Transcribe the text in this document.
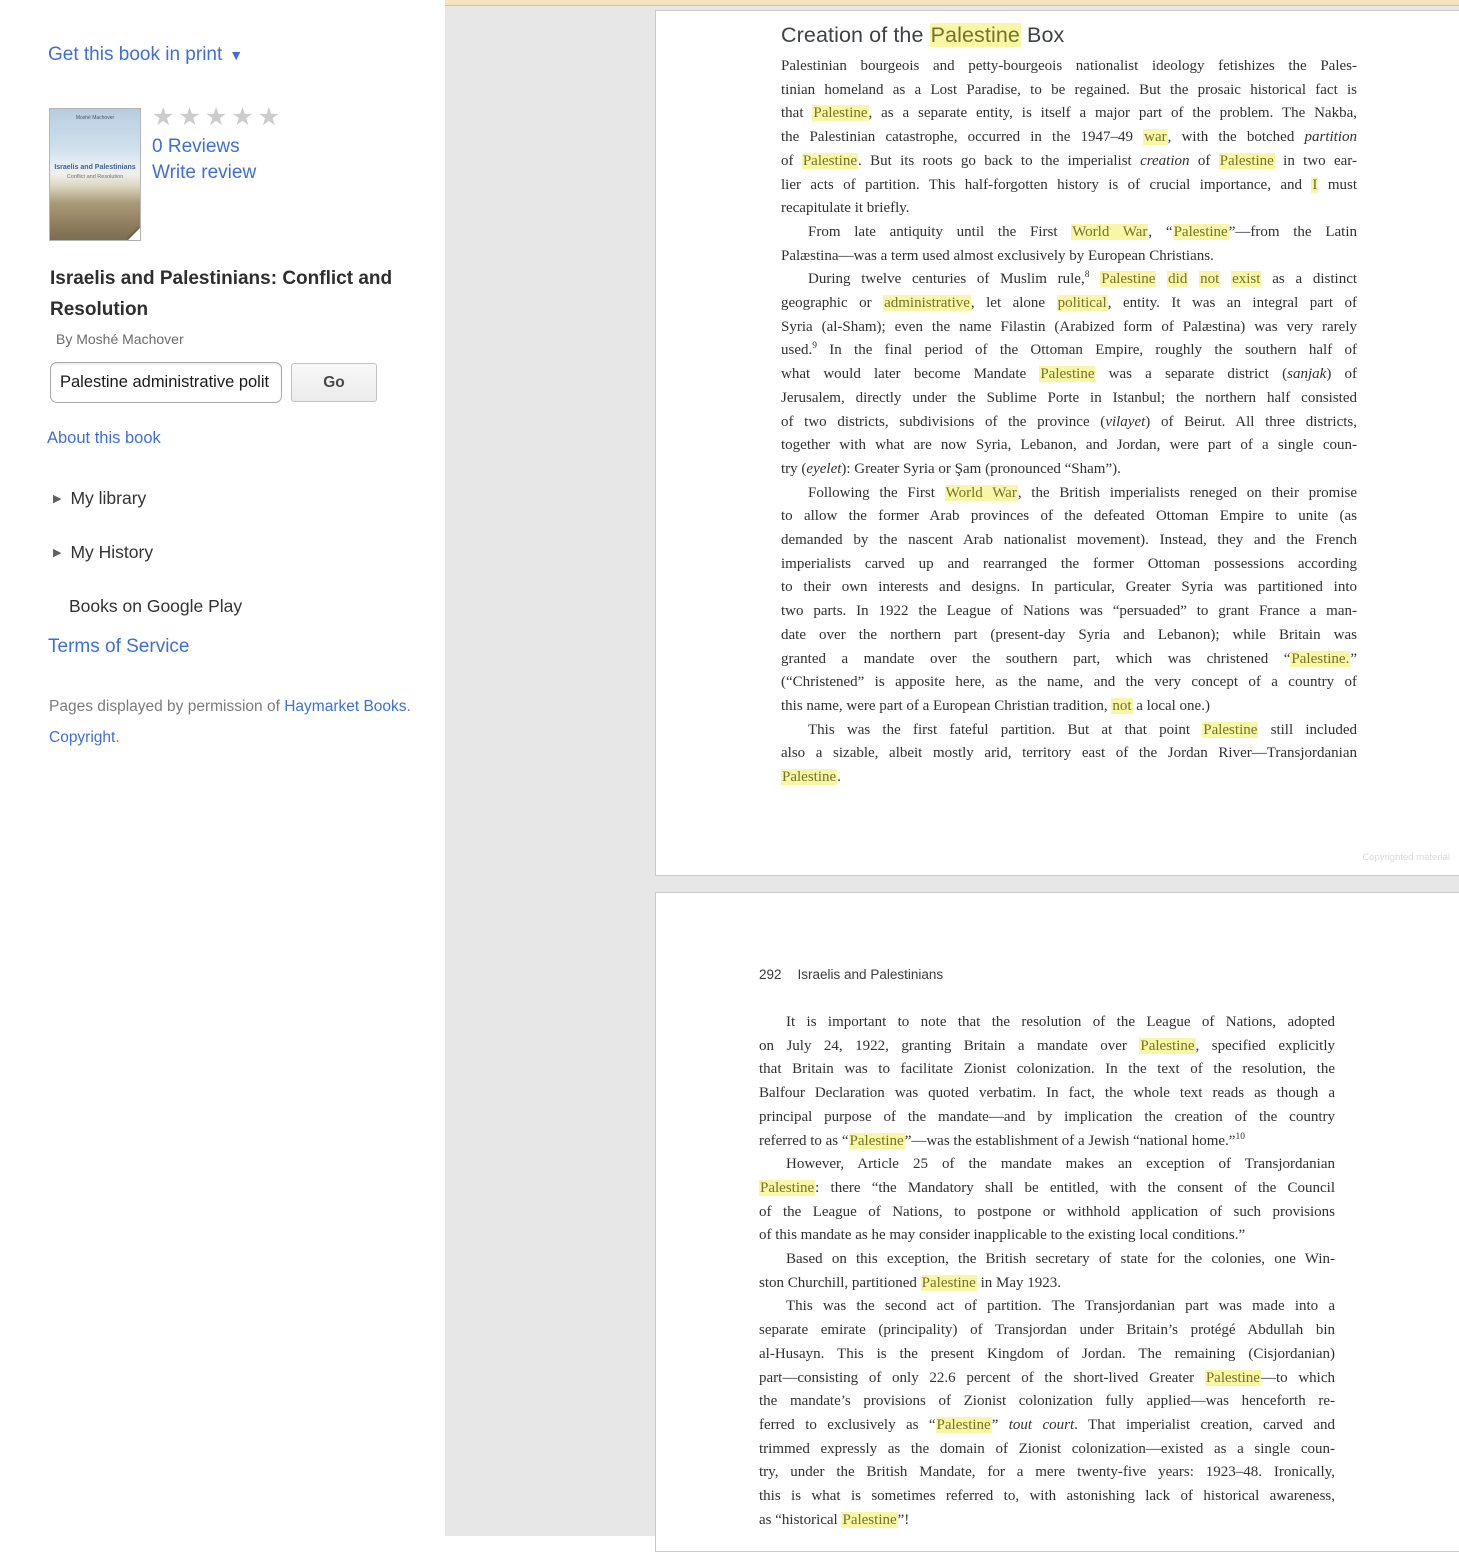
Creation of the Palestine Box
Palestinian bourgeois and petty-bourgeois nationalist ideology fetishizes the Pales-
tinian homeland as a Lost Paradise, to be regained. But the prosaic historical fact is
that Palestine, as a separate entity, is itself a major part of the problem. The Nakba,
the Palestinian catastrophe, occurred in the 1947–49 war, with the botched partition
of Palestine. But its roots go back to the imperialist creation of Palestine in two ear-
lier acts of partition. This half-forgotten history is of crucial importance, and I must
recapitulate it briefly.
From late antiquity until the First World War, “Palestine”—from the Latin
Palæstina—was a term used almost exclusively by European Christians.
During twelve centuries of Muslim rule,$^8$ Palestine did not exist as a distinct
geographic or administrative, let alone political, entity. It was an integral part of
Syria (al-Sham); even the name Filastin (Arabized form of Palæstina) was very rarely
used.$^9$ In the final period of the Ottoman Empire, roughly the southern half of
what would later become Mandate Palestine was a separate district (sanjak) of
Jerusalem, directly under the Sublime Porte in Istanbul; the northern half consisted
of two districts, subdivisions of the province (vilayet) of Beirut. All three districts,
together with what are now Syria, Lebanon, and Jordan, were part of a single coun-
try (eyelet): Greater Syria or Şam (pronounced “Sham”).
Following the First World War, the British imperialists reneged on their promise
to allow the former Arab provinces of the defeated Ottoman Empire to unite (as
demanded by the nascent Arab nationalist movement). Instead, they and the French
imperialists carved up and rearranged the former Ottoman possessions according
to their own interests and designs. In particular, Greater Syria was partitioned into
two parts. In 1922 the League of Nations was “persuaded” to grant France a man-
date over the northern part (present-day Syria and Lebanon); while Britain was
granted a mandate over the southern part, which was christened “Palestine.”
(“Christened” is apposite here, as the name, and the very concept of a country of
this name, were part of a European Christian tradition, not a local one.)
This was the first fateful partition. But at that point Palestine still included
also a sizable, albeit mostly arid, territory east of the Jordan River—Transjordanian
Palestine.
Copyrighted material
292 Israelis and Palestinians
It is important to note that the resolution of the League of Nations, adopted
on July 24, 1922, granting Britain a mandate over Palestine, specified explicitly
that Britain was to facilitate Zionist colonization. In the text of the resolution, the
Balfour Declaration was quoted verbatim. In fact, the whole text reads as though a
principal purpose of the mandate—and by implication the creation of the country
referred to as “Palestine”—was the establishment of a Jewish “national home.”$^{10}$
However, Article 25 of the mandate makes an exception of Transjordanian
Palestine: there “the Mandatory shall be entitled, with the consent of the Council
of the League of Nations, to postpone or withhold application of such provisions
of this mandate as he may consider inapplicable to the existing local conditions.”
Based on this exception, the British secretary of state for the colonies, one Win-
ston Churchill, partitioned Palestine in May 1923.
This was the second act of partition. The Transjordanian part was made into a
separate emirate (principality) of Transjordan under Britain’s protégé Abdullah bin
al-Husayn. This is the present Kingdom of Jordan. The remaining (Cisjordanian)
part—consisting of only 22.6 percent of the short-lived Greater Palestine—to which
the mandate’s provisions of Zionist colonization fully applied—was henceforth re-
ferred to exclusively as “Palestine” tout court. That imperialist creation, carved and
trimmed expressly as the domain of Zionist colonization—existed as a single coun-
try, under the British Mandate, for a mere twenty-five years: 1923–48. Ironically,
this is what is sometimes referred to, with astonishing lack of historical awareness,
as “historical Palestine”!
Get this book in print ▼
Moshé Machover
Israelis and Palestinians
Conflict and Resolution
★★★★★
0 Reviews
Write review
Israelis and Palestinians: Conflict and Resolution
By Moshé Machover
Palestine administrative polit
Go
About this book
▶ My library
▶ My History
Books on Google Play
Terms of Service
Pages displayed by permission of Haymarket Books. Copyright.
